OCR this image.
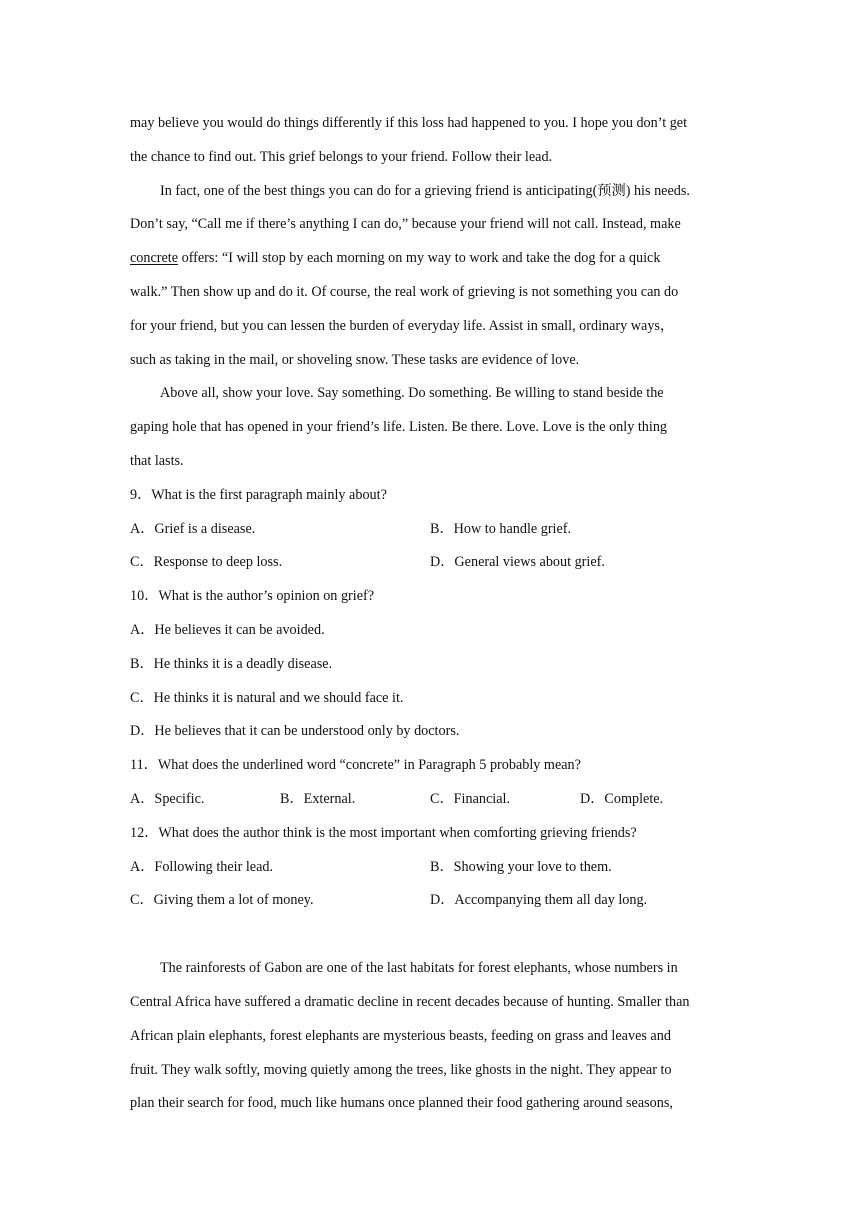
may believe you would do things differently if this loss had happened to you. I hope you don’t get
the chance to find out. This grief belongs to your friend. Follow their lead.
In fact, one of the best things you can do for a grieving friend is anticipating(预测) his needs.
Don’t say, “Call me if there’s anything I can do,” because your friend will not call. Instead, make
concrete offers: “I will stop by each morning on my way to work and take the dog for a quick
walk.” Then show up and do it. Of course, the real work of grieving is not something you can do
for your friend, but you can lessen the burden of everyday life. Assist in small, ordinary ways，
such as taking in the mail, or shoveling snow. These tasks are evidence of love.
Above all, show your love. Say something. Do something. Be willing to stand beside the
gaping hole that has opened in your friend’s life. Listen. Be there. Love. Love is the only thing
that lasts.
9．What is the first paragraph mainly about?
A．Grief is a disease.	B．How to handle grief.
C．Response to deep loss.	D．General views about grief.
10．What is the author’s opinion on grief?
A．He believes it can be avoided.
B．He thinks it is a deadly disease.
C．He thinks it is natural and we should face it.
D．He believes that it can be understood only by doctors.
11．What does the underlined word “concrete” in Paragraph 5 probably mean?
A．Specific.	B．External.	C．Financial.	D．Complete.
12．What does the author think is the most important when comforting grieving friends?
A．Following their lead.	B．Showing your love to them.
C．Giving them a lot of money.	D．Accompanying them all day long.
The rainforests of Gabon are one of the last habitats for forest elephants, whose numbers in
Central Africa have suffered a dramatic decline in recent decades because of hunting. Smaller than
African plain elephants, forest elephants are mysterious beasts, feeding on grass and leaves and
fruit. They walk softly, moving quietly among the trees, like ghosts in the night. They appear to
plan their search for food, much like humans once planned their food gathering around seasons,
